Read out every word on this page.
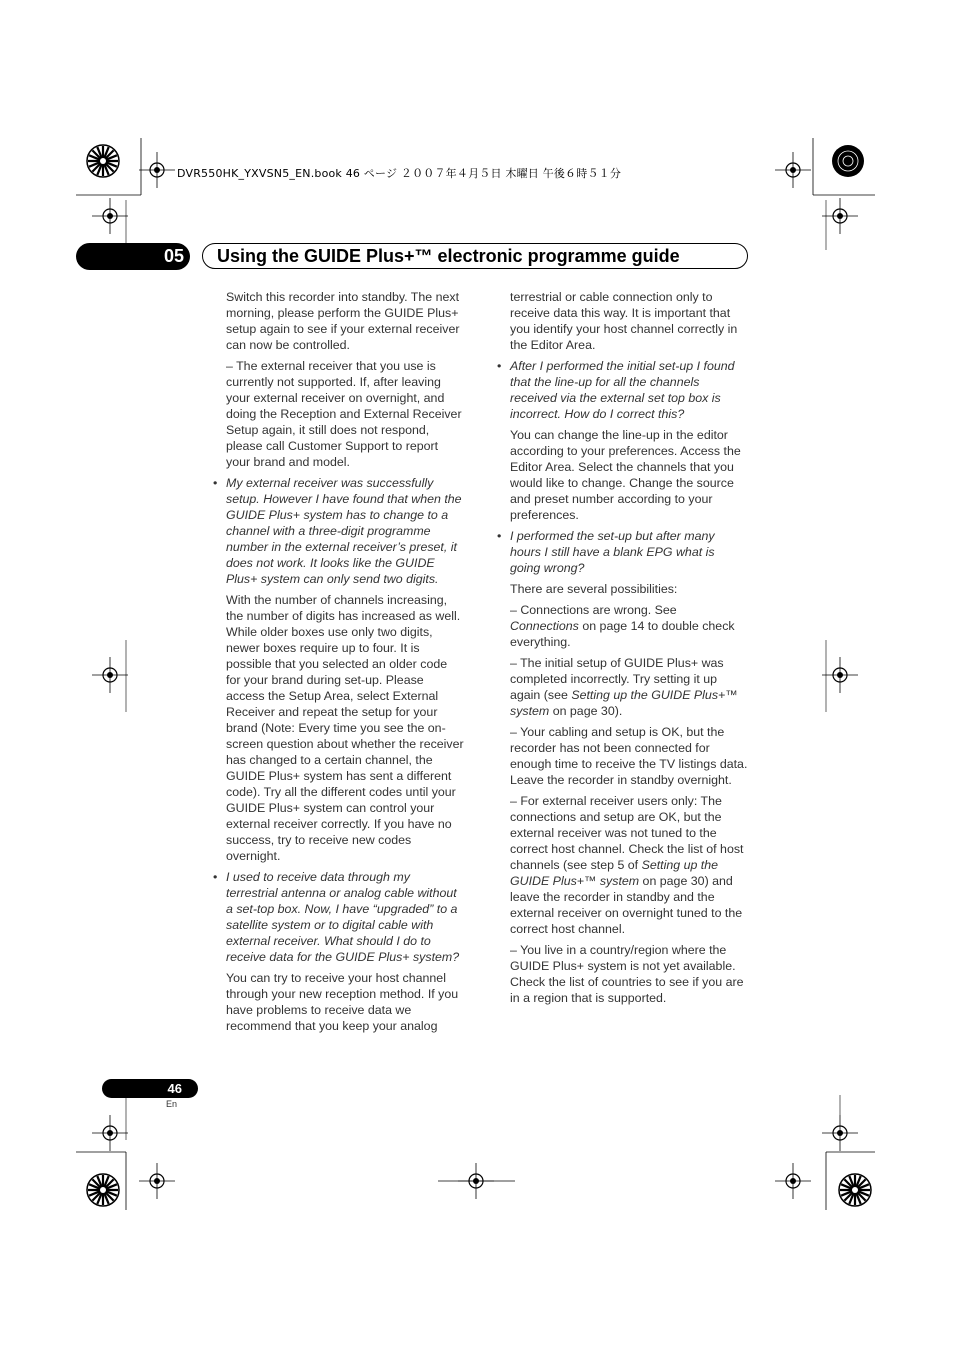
DVR550HK_YXVSN5_EN.book 46 ページ ２００７年４月５日 木曜日 午後６時５１分
05	Using the GUIDE Plus+™ electronic programme guide

Switch this recorder into standby. The next morning, please perform the GUIDE Plus+ setup again to see if your external receiver can now be controlled.

– The external receiver that you use is currently not supported. If, after leaving your external receiver on overnight, and doing the Reception and External Receiver Setup again, it still does not respond, please call Customer Support to report your brand and model.

• My external receiver was successfully setup. However I have found that when the GUIDE Plus+ system has to change to a channel with a three-digit programme number in the external receiver’s preset, it does not work. It looks like the GUIDE Plus+ system can only send two digits.

With the number of channels increasing, the number of digits has increased as well. While older boxes use only two digits, newer boxes require up to four. It is possible that you selected an older code for your brand during set-up. Please access the Setup Area, select External Receiver and repeat the setup for your brand (Note: Every time you see the on-screen question about whether the receiver has changed to a certain channel, the GUIDE Plus+ system has sent a different code). Try all the different codes until your GUIDE Plus+ system can control your external receiver correctly. If you have no success, try to receive new codes overnight.

• I used to receive data through my terrestrial antenna or analog cable without a set-top box. Now, I have “upgraded” to a satellite system or to digital cable with external receiver. What should I do to receive data for the GUIDE Plus+ system?

You can try to receive your host channel through your new reception method. If you have problems to receive data we recommend that you keep your analog

terrestrial or cable connection only to receive data this way. It is important that you identify your host channel correctly in the Editor Area.

• After I performed the initial set-up I found that the line-up for all the channels received via the external set top box is incorrect. How do I correct this?

You can change the line-up in the editor according to your preferences. Access the Editor Area. Select the channels that you would like to change. Change the source and preset number according to your preferences.

• I performed the set-up but after many hours I still have a blank EPG what is going wrong?

There are several possibilities:

– Connections are wrong. See Connections on page 14 to double check everything.

– The initial setup of GUIDE Plus+ was completed incorrectly. Try setting it up again (see Setting up the GUIDE Plus+™ system on page 30).

– Your cabling and setup is OK, but the recorder has not been connected for enough time to receive the TV listings data. Leave the recorder in standby overnight.

– For external receiver users only: The connections and setup are OK, but the external receiver was not tuned to the correct host channel. Check the list of host channels (see step 5 of Setting up the GUIDE Plus+™ system on page 30) and leave the recorder in standby and the external receiver on overnight tuned to the correct host channel.

– You live in a country/region where the GUIDE Plus+ system is not yet available. Check the list of countries to see if you are in a region that is supported.

46
En
